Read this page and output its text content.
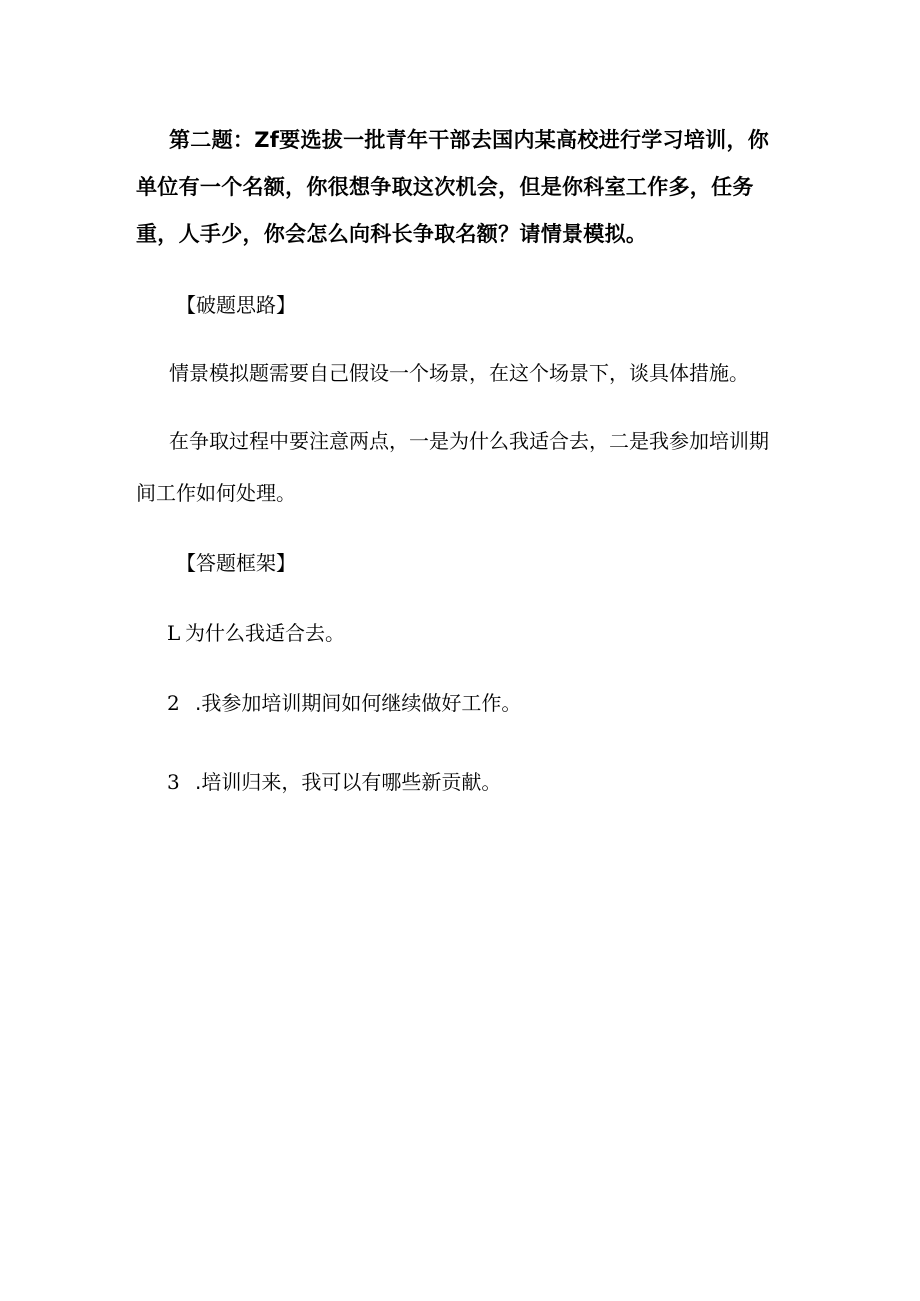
第二题：Zf要选拔一批青年干部去国内某高校进行学习培训，你单位有一个名额，你很想争取这次机会，但是你科室工作多，任务重，人手少，你会怎么向科长争取名额？请情景模拟。

【破题思路】

情景模拟题需要自己假设一个场景，在这个场景下，谈具体措施。

在争取过程中要注意两点，一是为什么我适合去，二是我参加培训期间工作如何处理。

【答题框架】

L 为什么我适合去。

2 .我参加培训期间如何继续做好工作。

3 .培训归来，我可以有哪些新贡献。
